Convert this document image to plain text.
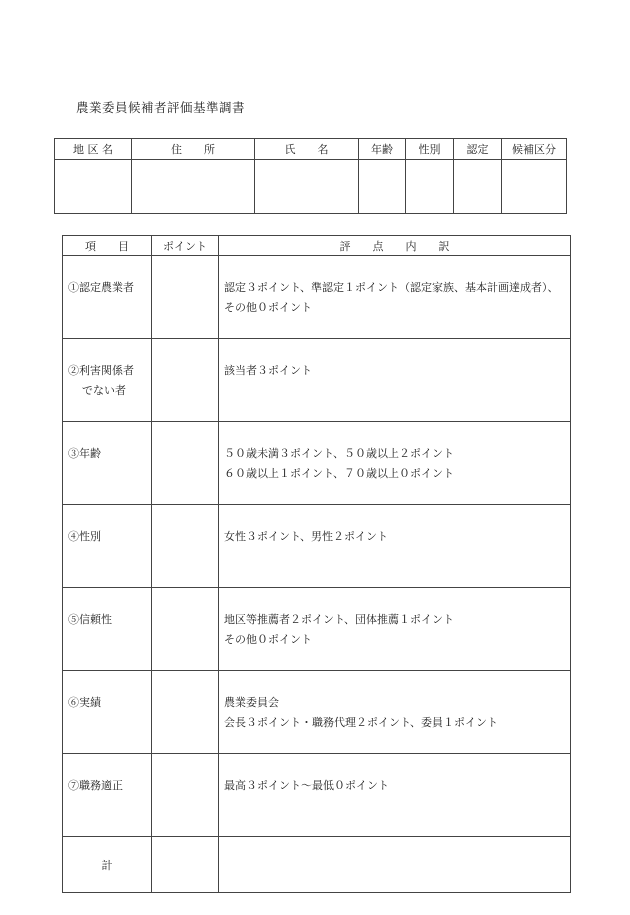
農業委員候補者評価基準調書
地 区 名	住　　所	氏　　名	年齢	性別	認定	候補区分

項　　目	ポイント	評　　点　　内　　訳

①認定農業者		認定３ポイント、準認定１ポイント（認定家族、基本計画達成者）、
その他０ポイント

②利害関係者
でない者		該当者３ポイント

③年齢		５０歳未満３ポイント、５０歳以上２ポイント
６０歳以上１ポイント、７０歳以上０ポイント

④性別		女性３ポイント、男性２ポイント

⑤信頼性		地区等推薦者２ポイント、団体推薦１ポイント
その他０ポイント

⑥実績		農業委員会
会長３ポイント・職務代理２ポイント、委員１ポイント

⑦職務適正		最高３ポイント〜最低０ポイント

計		
